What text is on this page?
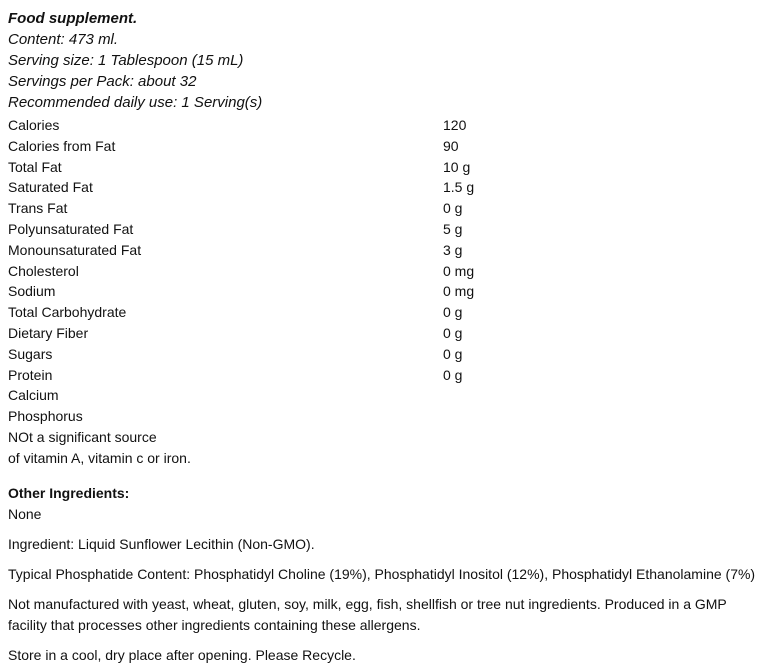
Food supplement.

Content: 473 ml.

Serving size: 1 Tablespoon (15 mL)

Servings per Pack: about 32

Recommended daily use: 1 Serving(s)

Calories	120
Calories from Fat	90
Total Fat	10 g
Saturated Fat	1.5 g
Trans Fat	0 g
Polyunsaturated Fat	5 g
Monounsaturated Fat	3 g
Cholesterol	0 mg
Sodium	0 mg
Total Carbohydrate	0 g
Dietary Fiber	0 g
Sugars	0 g
Protein	0 g
Calcium
Phosphorus
NOt a significant source
of vitamin A, vitamin c or iron.

Other Ingredients:

None

Ingredient: Liquid Sunflower Lecithin (Non-GMO).

Typical Phosphatide Content: Phosphatidyl Choline (19%), Phosphatidyl Inositol (12%), Phosphatidyl Ethanolamine (7%)

Not manufactured with yeast, wheat, gluten, soy, milk, egg, fish, shellfish or tree nut ingredients. Produced in a GMP facility that processes other ingredients containing these allergens.

Store in a cool, dry place after opening. Please Recycle.
